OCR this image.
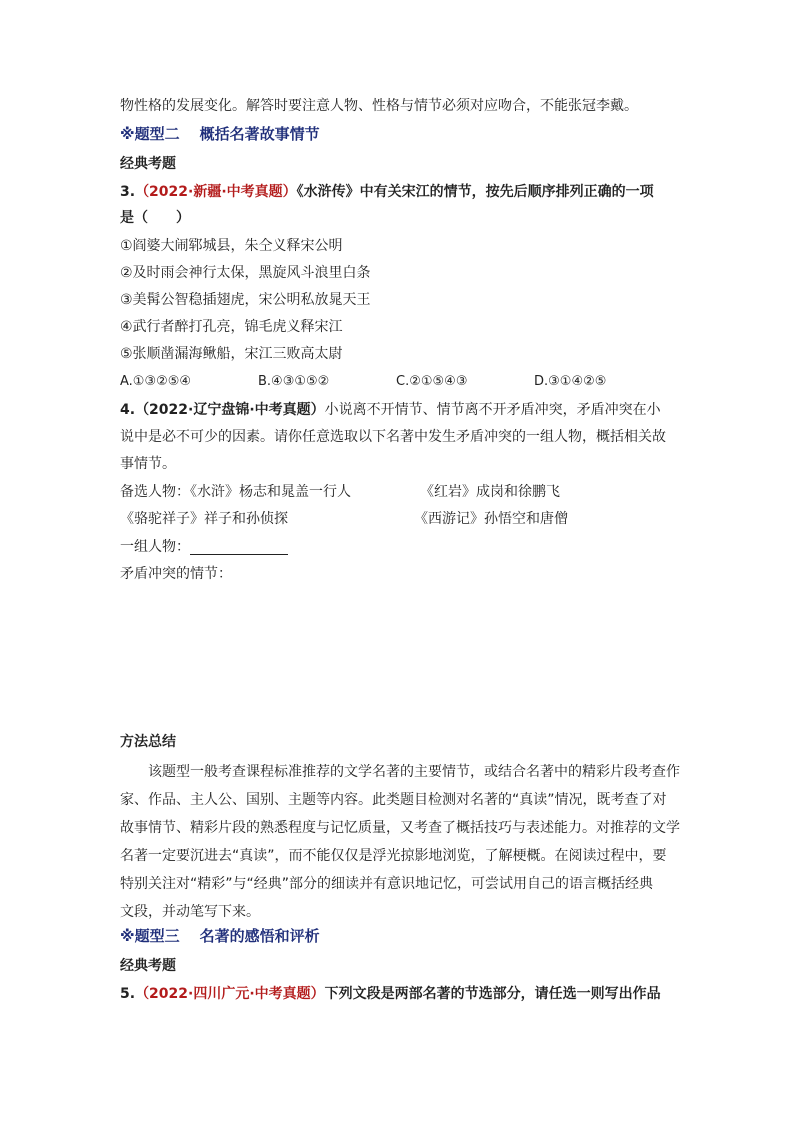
物性格的发展变化。解答时要注意人物、性格与情节必须对应吻合，不能张冠李戴。
※题型二 概括名著故事情节
经典考题
3.（2022·新疆·中考真题）《水浒传》中有关宋江的情节，按先后顺序排列正确的一项
是（　　）
①阎婆大闹郓城县，朱仝义释宋公明
②及时雨会神行太保，黑旋风斗浪里白条
③美髯公智稳插翅虎，宋公明私放晁天王
④武行者醉打孔亮，锦毛虎义释宋江
⑤张顺凿漏海鳅船，宋江三败高太尉
A.①③②⑤④	B.④③①⑤②	C.②①⑤④③	D.③①④②⑤
4.（2022·辽宁盘锦·中考真题）小说离不开情节、情节离不开矛盾冲突，矛盾冲突在小
说中是必不可少的因素。请你任意选取以下名著中发生矛盾冲突的一组人物，概括相关故
事情节。
备选人物：《水浒》杨志和晁盖一行人	《红岩》成岗和徐鹏飞
《骆驼祥子》祥子和孙侦探	《西游记》孙悟空和唐僧
一组人物：
矛盾冲突的情节：
方法总结
该题型一般考查课程标准推荐的文学名著的主要情节，或结合名著中的精彩片段考查作
家、作品、主人公、国别、主题等内容。此类题目检测对名著的“真读”情况，既考查了对
故事情节、精彩片段的熟悉程度与记忆质量，又考查了概括技巧与表述能力。对推荐的文学
名著一定要沉进去“真读”，而不能仅仅是浮光掠影地浏览，了解梗概。在阅读过程中，要
特别关注对“精彩”与“经典”部分的细读并有意识地记忆，可尝试用自己的语言概括经典
文段，并动笔写下来。
※题型三 名著的感悟和评析
经典考题
5.（2022·四川广元·中考真题）下列文段是两部名著的节选部分，请任选一则写出作品
